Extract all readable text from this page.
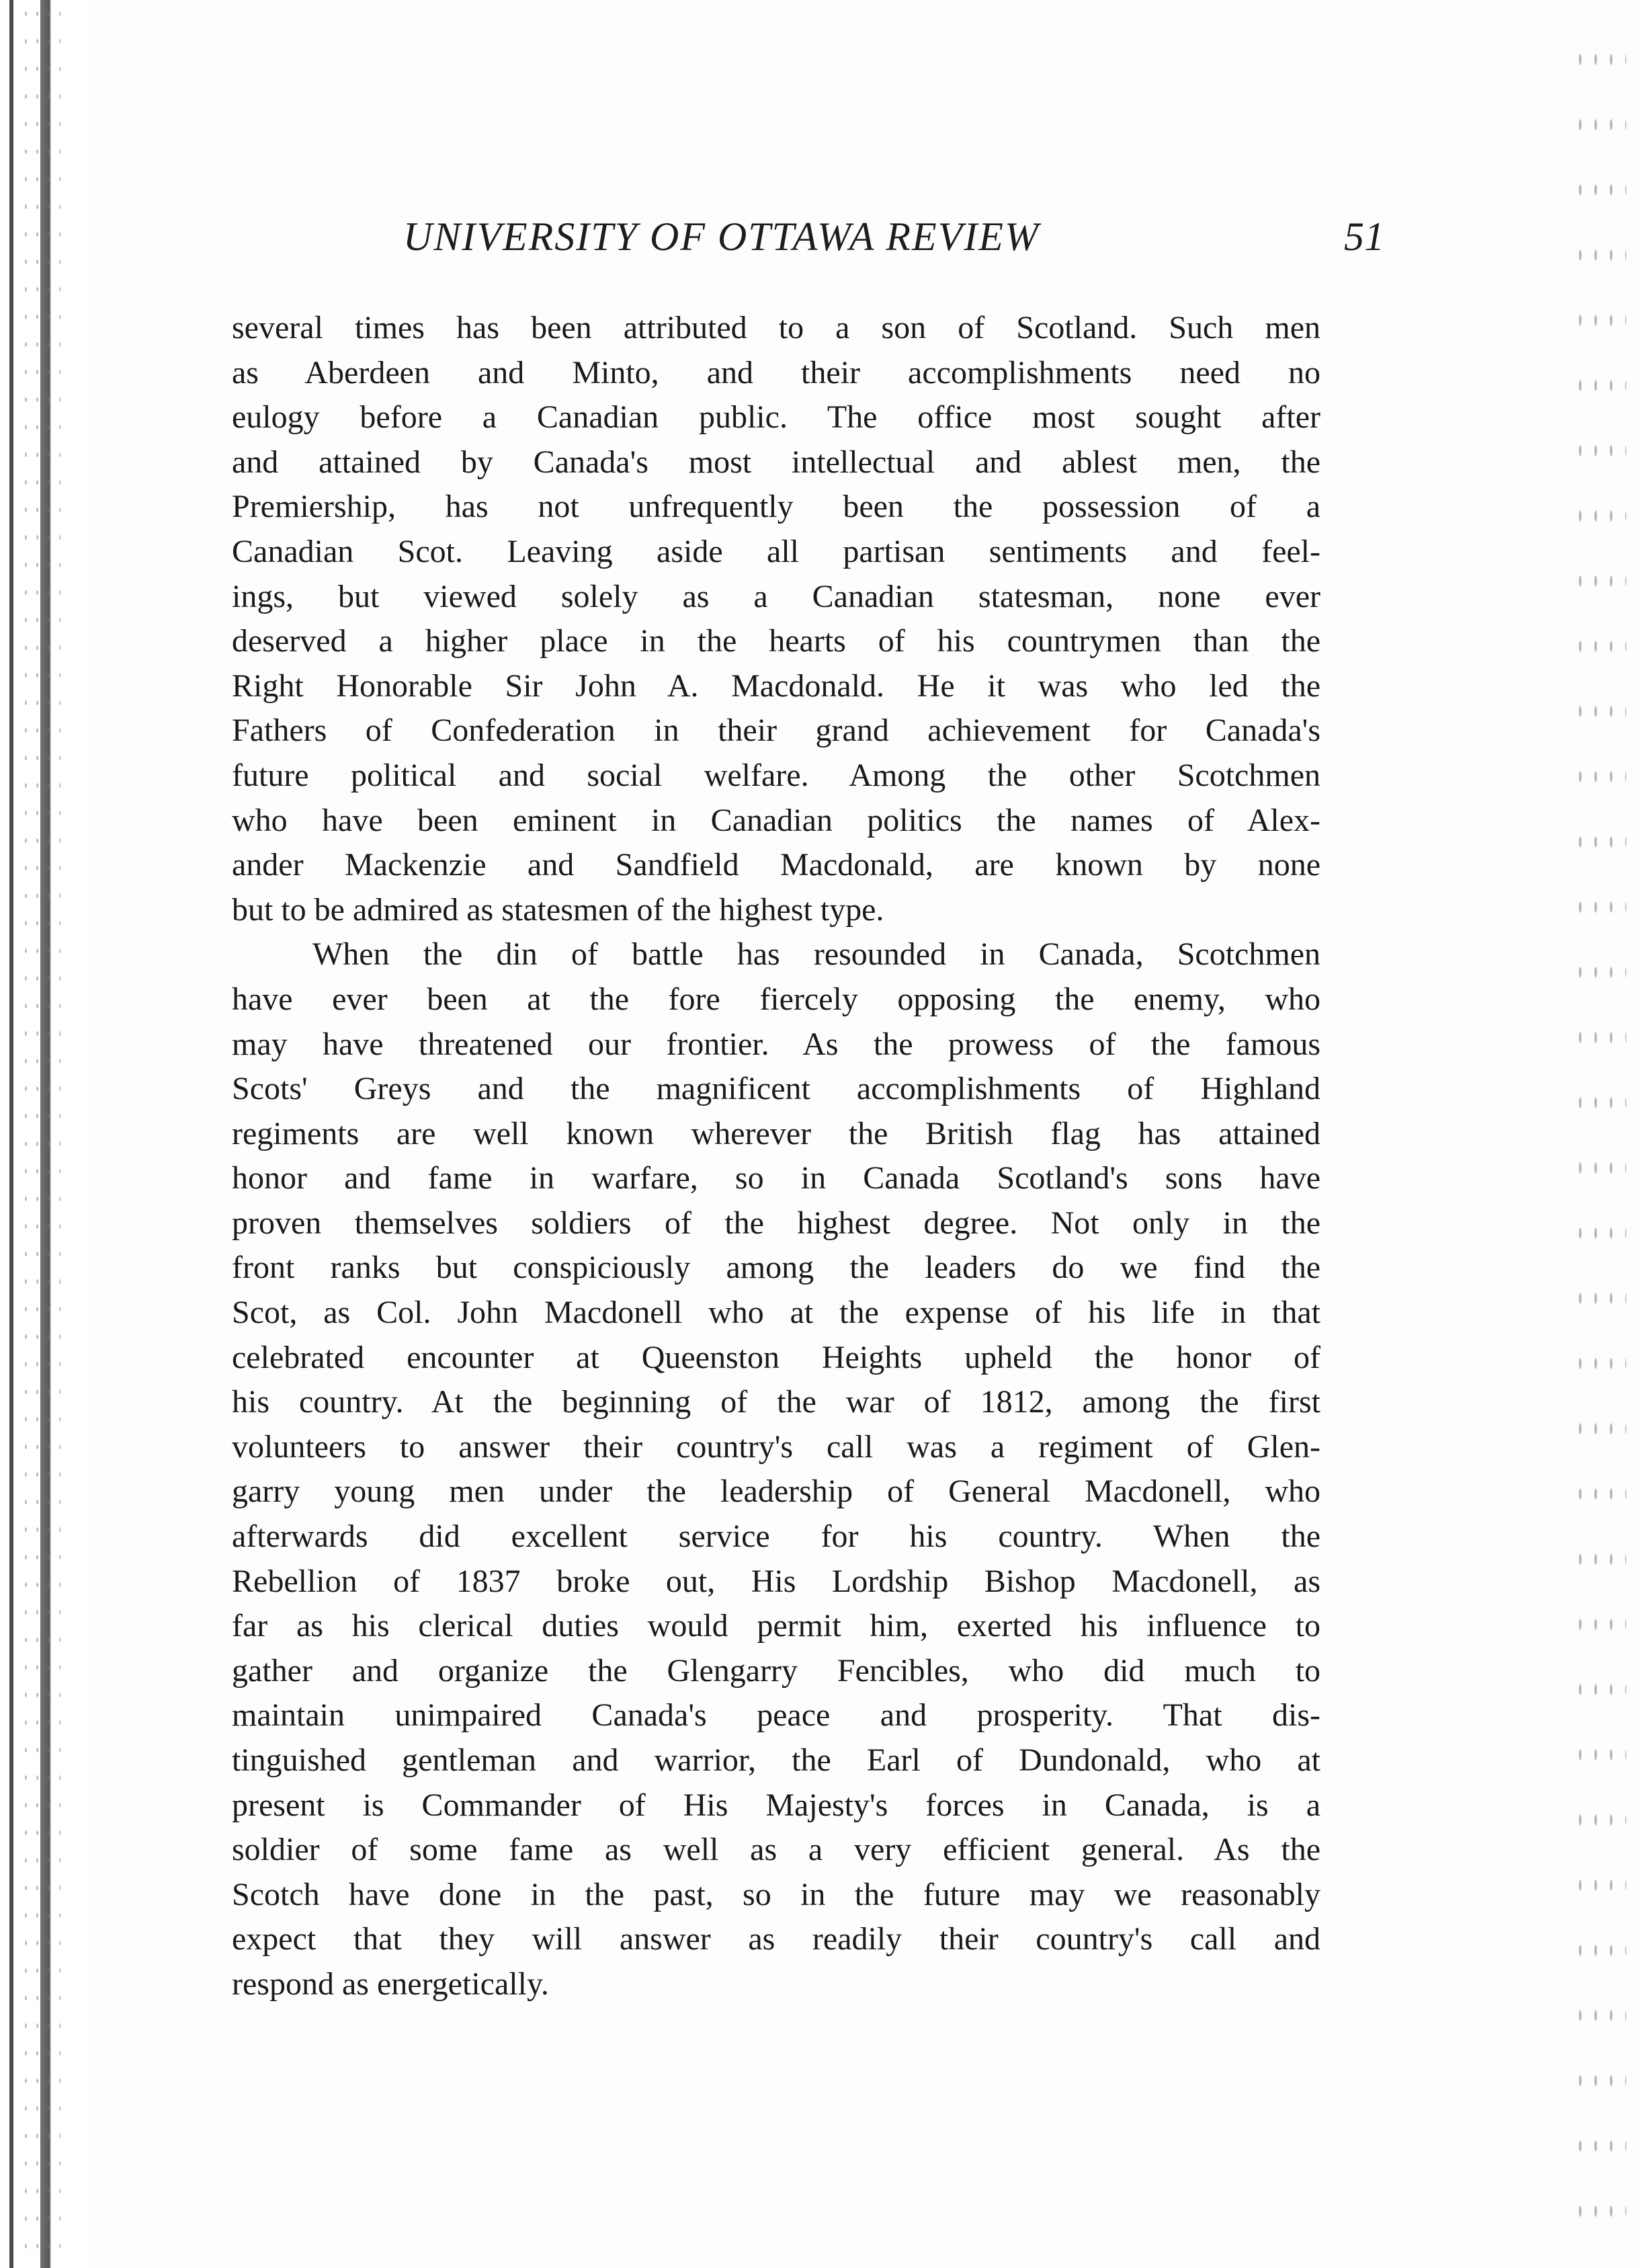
UNIVERSITY OF OTTAWA REVIEW	51
several times has been attributed to a son of Scotland. Such men
as Aberdeen and Minto, and their accomplishments need no
eulogy before a Canadian public. The office most sought after
and attained by Canada's most intellectual and ablest men, the
Premiership, has not unfrequently been the possession of a
Canadian Scot. Leaving aside all partisan sentiments and feel-
ings, but viewed solely as a Canadian statesman, none ever
deserved a higher place in the hearts of his countrymen than the
Right Honorable Sir John A. Macdonald. He it was who led the
Fathers of Confederation in their grand achievement for Canada's
future political and social welfare. Among the other Scotchmen
who have been eminent in Canadian politics the names of Alex-
ander Mackenzie and Sandfield Macdonald, are known by none
but to be admired as statesmen of the highest type.
When the din of battle has resounded in Canada, Scotchmen
have ever been at the fore fiercely opposing the enemy, who
may have threatened our frontier. As the prowess of the famous
Scots' Greys and the magnificent accomplishments of Highland
regiments are well known wherever the British flag has attained
honor and fame in warfare, so in Canada Scotland's sons have
proven themselves soldiers of the highest degree. Not only in the
front ranks but conspiciously among the leaders do we find the
Scot, as Col. John Macdonell who at the expense of his life in that
celebrated encounter at Queenston Heights upheld the honor of
his country. At the beginning of the war of 1812, among the first
volunteers to answer their country's call was a regiment of Glen-
garry young men under the leadership of General Macdonell, who
afterwards did excellent service for his country. When the
Rebellion of 1837 broke out, His Lordship Bishop Macdonell, as
far as his clerical duties would permit him, exerted his influence to
gather and organize the Glengarry Fencibles, who did much to
maintain unimpaired Canada's peace and prosperity. That dis-
tinguished gentleman and warrior, the Earl of Dundonald, who at
present is Commander of His Majesty's forces in Canada, is a
soldier of some fame as well as a very efficient general. As the
Scotch have done in the past, so in the future may we reasonably
expect that they will answer as readily their country's call and
respond as energetically.
